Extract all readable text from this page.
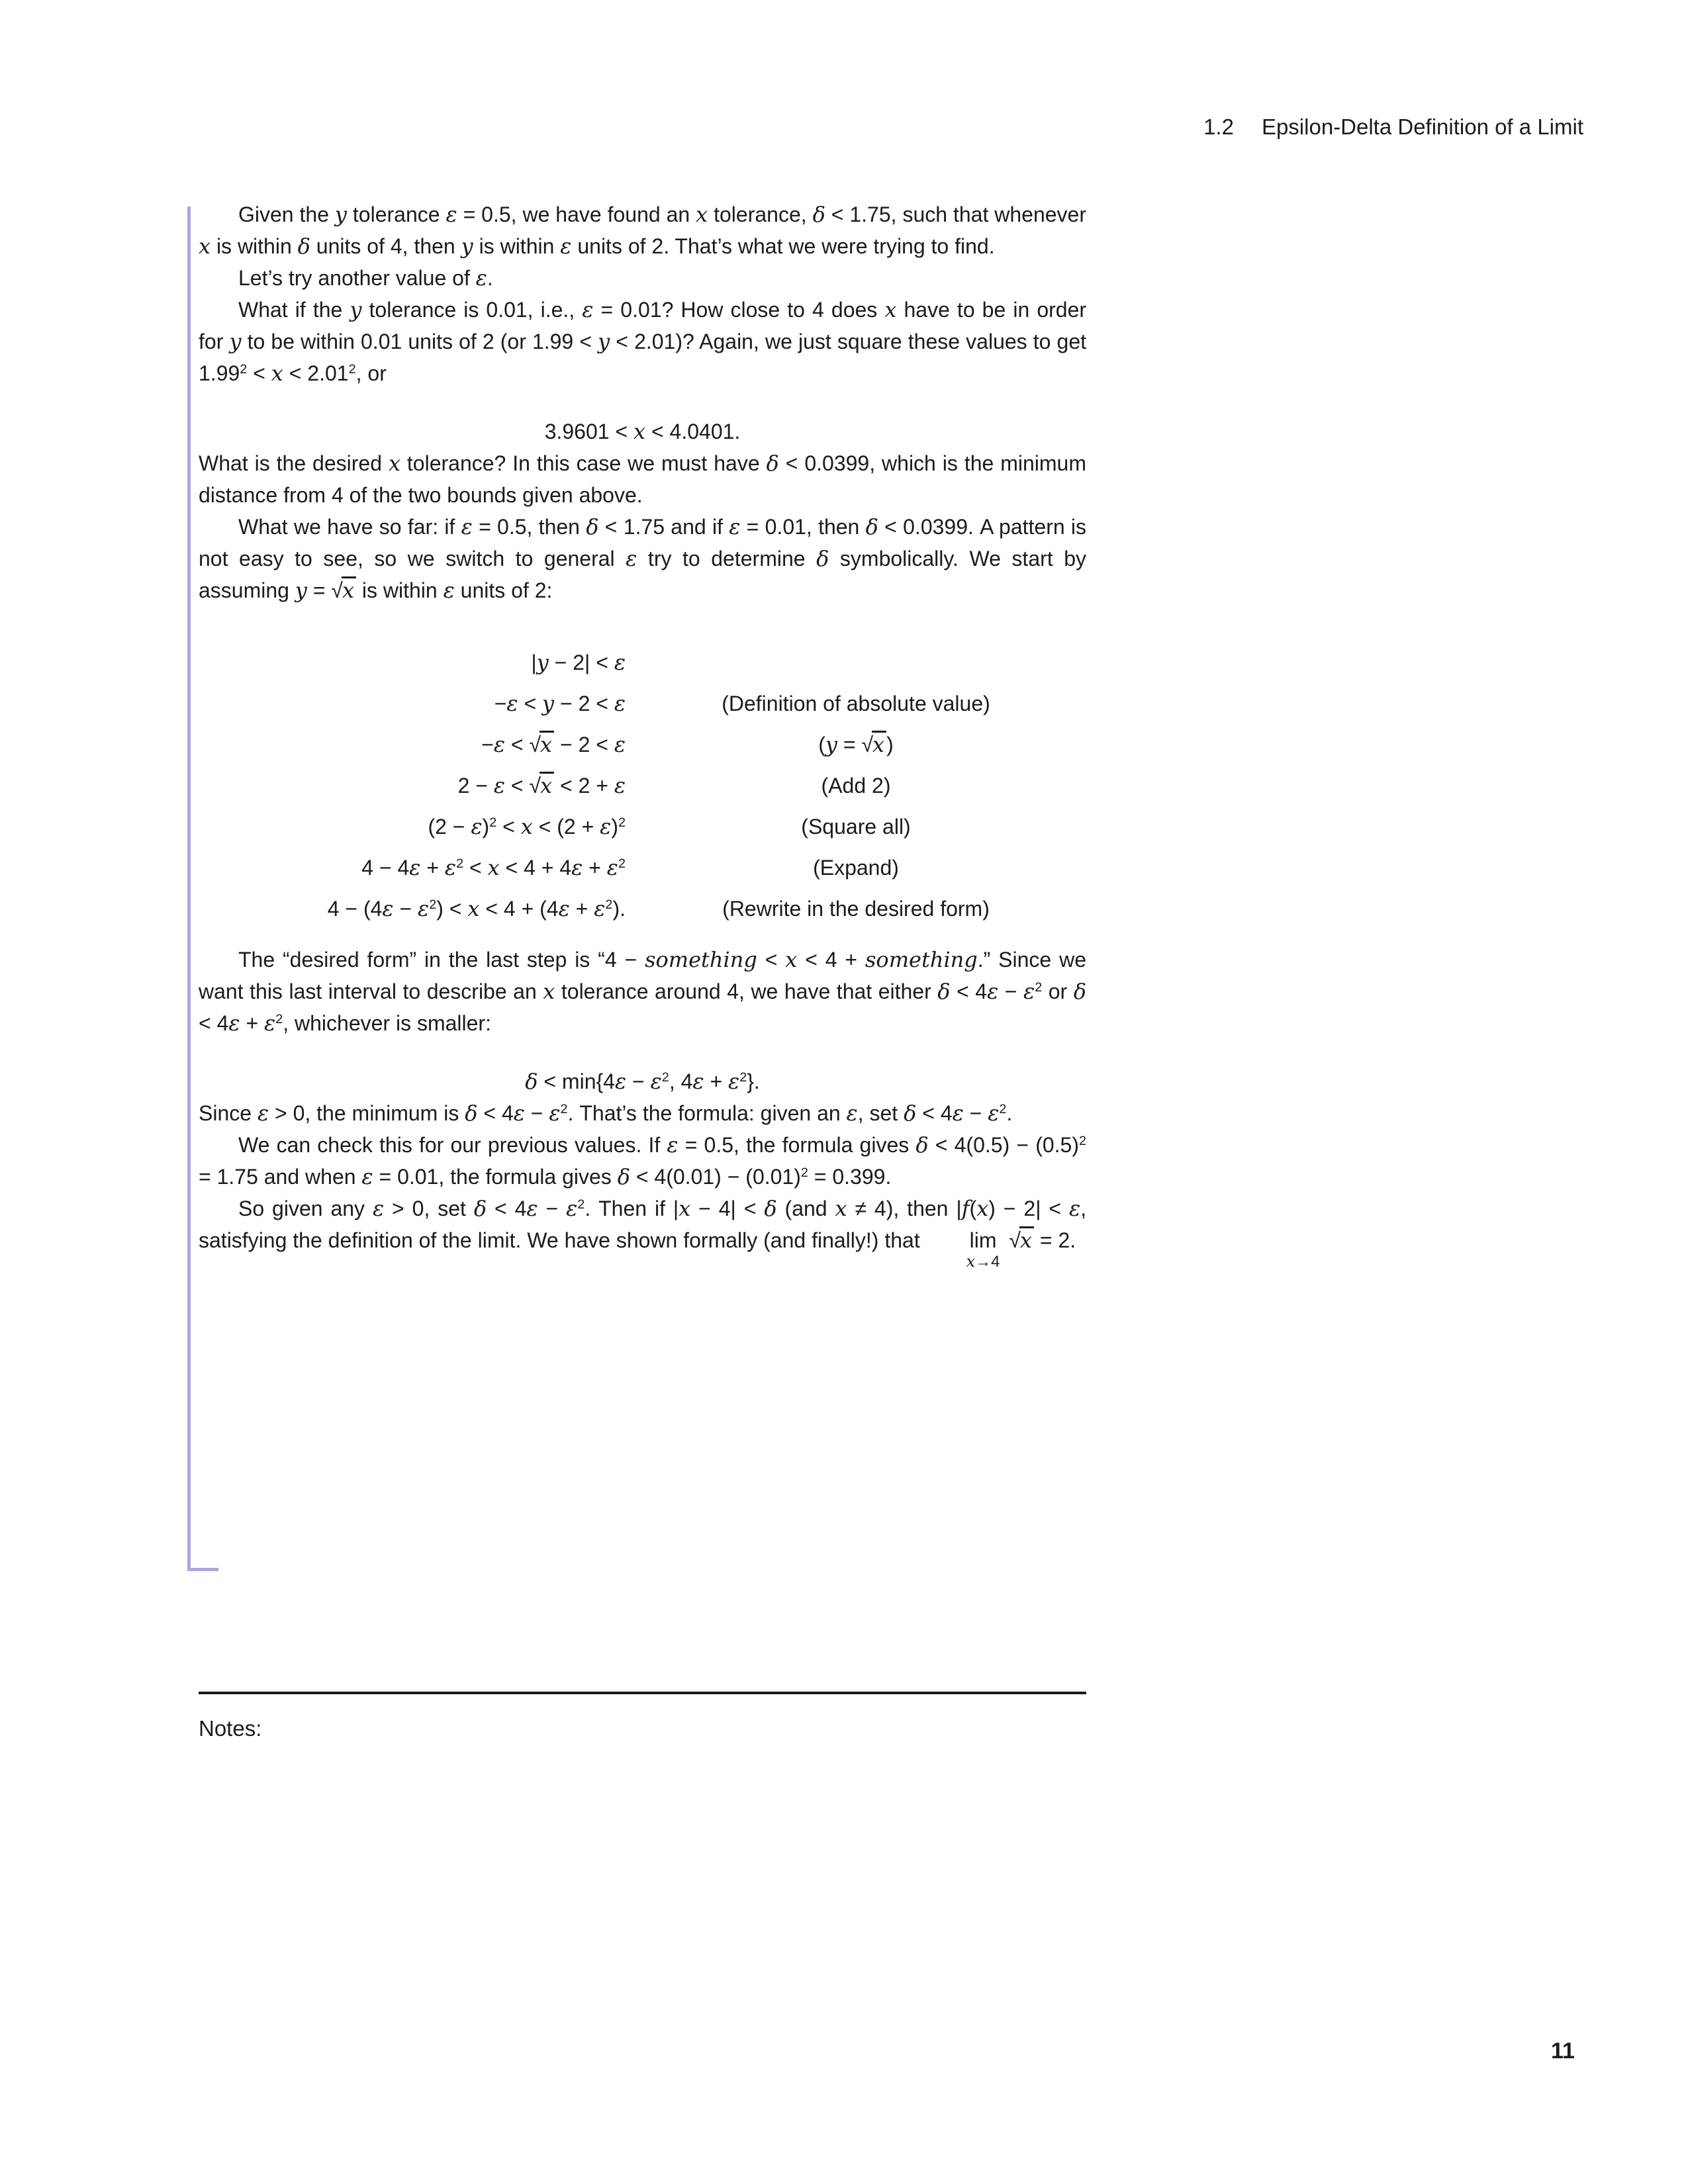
1.2 Epsilon-Delta Definition of a Limit

Given the y tolerance ε = 0.5, we have found an x tolerance, δ < 1.75, such that whenever x is within δ units of 4, then y is within ε units of 2. That’s what we were trying to find.

Let’s try another value of ε.

What if the y tolerance is 0.01, i.e., ε = 0.01? How close to 4 does x have to be in order for y to be within 0.01 units of 2 (or 1.99 < y < 2.01)? Again, we just square these values to get $1.99^2 < x < 2.01^2$, or

3.9601 < x < 4.0401.

What is the desired x tolerance? In this case we must have δ < 0.0399, which is the minimum distance from 4 of the two bounds given above.

What we have so far: if ε = 0.5, then δ < 1.75 and if ε = 0.01, then δ < 0.0399. A pattern is not easy to see, so we switch to general ε try to determine δ symbolically. We start by assuming y = √x is within ε units of 2:

|y − 2| < ε
−ε < y − 2 < ε	(Definition of absolute value)
−ε < √x − 2 < ε	(y = √x)
2 − ε < √x < 2 + ε	(Add 2)
$(2 - \varepsilon)^2 < x < (2 + \varepsilon)^2$	(Square all)
$4 - 4\varepsilon + \varepsilon^2 < x < 4 + 4\varepsilon + \varepsilon^2$	(Expand)
$4 - (4\varepsilon - \varepsilon^2) < x < 4 + (4\varepsilon + \varepsilon^2)$.	(Rewrite in the desired form)

The “desired form” in the last step is “4 − something < x < 4 + something.” Since we want this last interval to describe an x tolerance around 4, we have that either $\delta < 4\varepsilon - \varepsilon^2$ or $\delta < 4\varepsilon + \varepsilon^2$, whichever is smaller:

$\delta < \min\{4\varepsilon - \varepsilon^2$, $4\varepsilon + \varepsilon^2$}.

Since ε > 0, the minimum is $\delta < 4\varepsilon - \varepsilon^2$. That’s the formula: given an ε, set $\delta < 4\varepsilon - \varepsilon^2$.

We can check this for our previous values. If ε = 0.5, the formula gives $\delta < 4(0.5) - (0.5)^2 = 1.75$ and when ε = 0.01, the formula gives $\delta < 4(0.01) - (0.01)^2 = 0.399$.

So given any ε > 0, set $\delta < 4\varepsilon - \varepsilon^2$. Then if |x − 4| < δ (and x ≠ 4), then |f(x) − 2| < ε, satisfying the definition of the limit. We have shown formally (and finally!) that lim
x→4
√x = 2.

Notes:
11
